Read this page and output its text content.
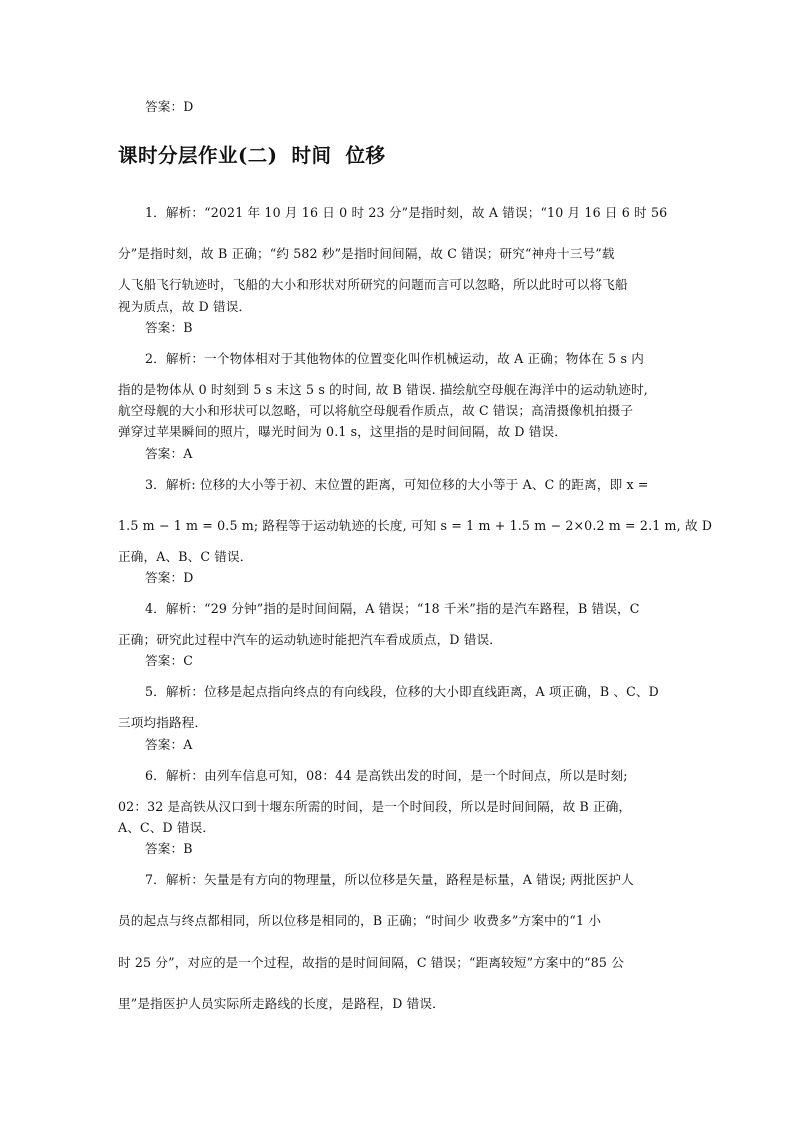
答案：D
课时分层作业(二) 时间 位移
1．解析：“2021 年 10 月 16 日 0 时 23 分”是指时刻，故 A 错误；“10 月 16 日 6 时 56
分”是指时刻，故 B 正确；“约 582 秒”是指时间间隔，故 C 错误；研究“神舟十三号”载
人飞船飞行轨迹时，飞船的大小和形状对所研究的问题而言可以忽略，所以此时可以将飞船
视为质点，故 D 错误．
答案：B
2．解析：一个物体相对于其他物体的位置变化叫作机械运动，故 A 正确；物体在 5 s 内
指的是物体从 0 时刻到 5 s 末这 5 s 的时间, 故 B 错误. 描绘航空母舰在海洋中的运动轨迹时,
航空母舰的大小和形状可以忽略，可以将航空母舰看作质点，故 C 错误；高清摄像机拍摄子
弹穿过苹果瞬间的照片，曝光时间为 0.1 s，这里指的是时间间隔，故 D 错误．
答案：A
3．解析: 位移的大小等于初、末位置的距离，可知位移的大小等于 A、C 的距离，即 x =
1.5 m − 1 m = 0.5 m; 路程等于运动轨迹的长度, 可知 s = 1 m + 1.5 m − 2×0.2 m = 2.1 m, 故 D
正确，A、B、C 错误．
答案：D
4．解析：“29 分钟”指的是时间间隔，A 错误；“18 千米”指的是汽车路程，B 错误，C
正确；研究此过程中汽车的运动轨迹时能把汽车看成质点，D 错误．
答案：C
5．解析：位移是起点指向终点的有向线段，位移的大小即直线距离，A 项正确，B 、C、D
三项均指路程．
答案：A
6．解析：由列车信息可知，08：44 是高铁出发的时间，是一个时间点，所以是时刻;
02：32 是高铁从汉口到十堰东所需的时间，是一个时间段，所以是时间间隔，故 B 正确，
A、C、D 错误．
答案：B
7．解析：矢量是有方向的物理量，所以位移是矢量，路程是标量，A 错误; 两批医护人
员的起点与终点都相同，所以位移是相同的，B 正确；“时间少 收费多”方案中的“1 小
时 25 分”，对应的是一个过程，故指的是时间间隔，C 错误；“距离较短”方案中的“85 公
里”是指医护人员实际所走路线的长度，是路程，D 错误．
